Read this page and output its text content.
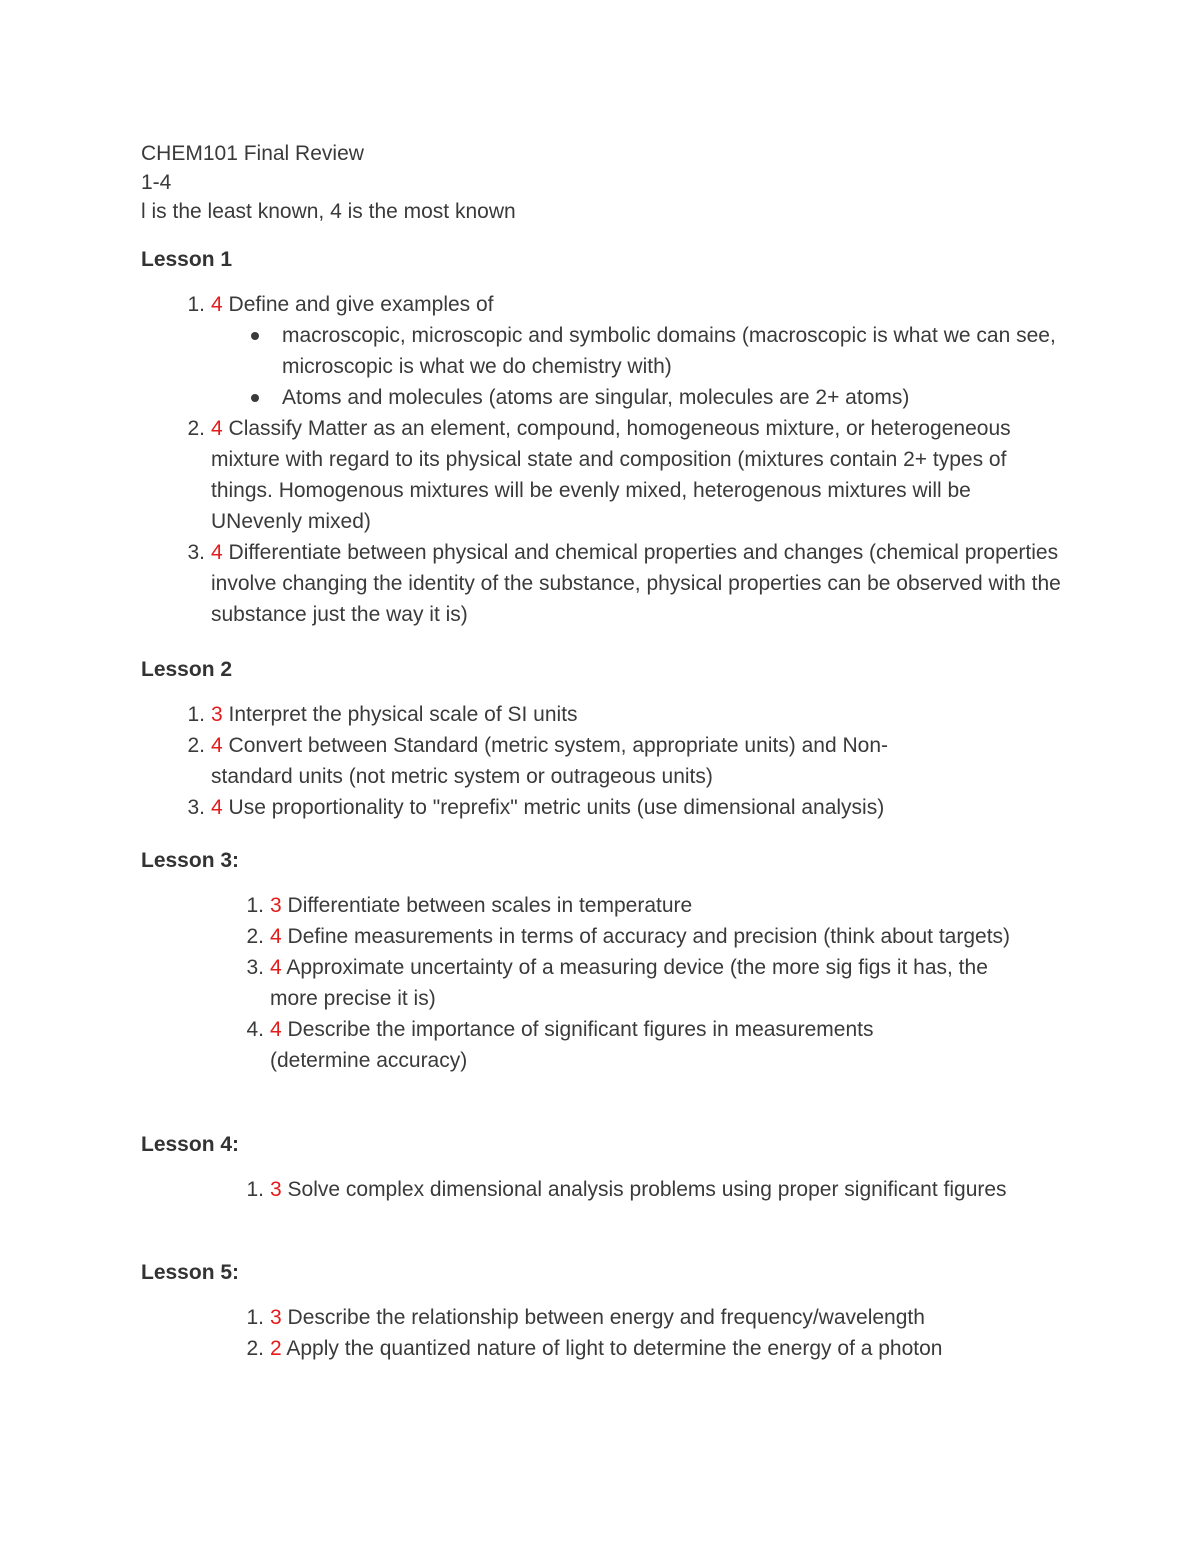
CHEM101 Final Review
1-4
l is the least known, 4 is the most known
Lesson 1
1. 4 Define and give examples of
macroscopic, microscopic and symbolic domains (macroscopic is what we can see, microscopic is what we do chemistry with)
Atoms and molecules (atoms are singular, molecules are 2+ atoms)
2. 4 Classify Matter as an element, compound, homogeneous mixture, or heterogeneous mixture with regard to its physical state and composition (mixtures contain 2+ types of things. Homogenous mixtures will be evenly mixed, heterogenous mixtures will be UNevenly mixed)
3. 4 Differentiate between physical and chemical properties and changes (chemical properties involve changing the identity of the substance, physical properties can be observed with the substance just the way it is)
Lesson 2
1. 3 Interpret the physical scale of SI units
2. 4 Convert between Standard (metric system, appropriate units) and Non-standard units (not metric system or outrageous units)
3. 4 Use proportionality to "reprefix" metric units (use dimensional analysis)
Lesson 3:
1. 3 Differentiate between scales in temperature
2. 4 Define measurements in terms of accuracy and precision (think about targets)
3. 4 Approximate uncertainty of a measuring device (the more sig figs it has, the more precise it is)
4. 4 Describe the importance of significant figures in measurements (determine accuracy)
Lesson 4:
1. 3 Solve complex dimensional analysis problems using proper significant figures
Lesson 5:
1. 3 Describe the relationship between energy and frequency/wavelength
2. 2 Apply the quantized nature of light to determine the energy of a photon
